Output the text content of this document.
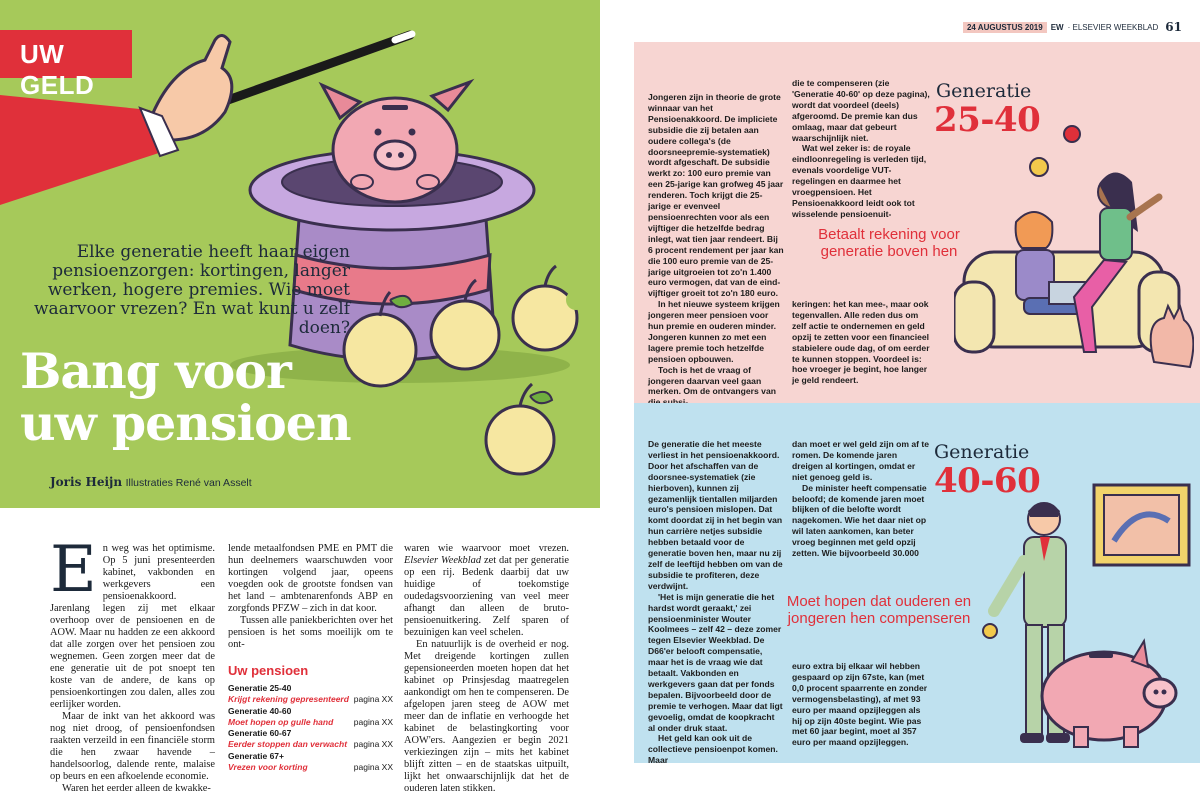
UW GELD
Elke generatie heeft haar eigen pensioenzorgen: kortingen, langer werken, hogere premies. Wie moet waarvoor vrezen? En wat kunt u zelf doen?
Bang voor
uw pensioen
Joris Heijn Illustraties René van Asselt
E n weg was het optimisme. Op 5 juni presenteerden kabinet, vakbonden en werkgevers een pensioenakkoord. Jarenlang legen zij met elkaar overhoop over de pensioenen en de AOW. Maar nu hadden ze een akkoord dat alle zorgen over het pensioen zou wegnemen. Geen zorgen meer dat de ene generatie uit de pot snoept ten koste van de andere, de kans op pensioenkortingen zou dalen, alles zou eerlijker worden.

Maar de inkt van het akkoord was nog niet droog, of pensioenfondsen raakten verzeild in een financiële storm die hen zwaar havende – handelsoorlog, dalende rente, malaise op beurs en een afkoelende economie.

Waren het eerder alleen de kwakke-

lende metaalfondsen PME en PMT die hun deelnemers waarschuwden voor kortingen volgend jaar, opeens voegden ook de grootste fondsen van het land – ambtenarenfonds ABP en zorgfonds PFZW – zich in dat koor.

Tussen alle paniekberichten over het pensioen is het soms moeilijk om te ont-

Uw pensioen
Generatie 25-40
Krijgt rekening gepresenteerd pagina XX
Generatie 40-60
Moet hopen op gulle hand pagina XX
Generatie 60-67
Eerder stoppen dan verwacht pagina XX
Generatie 67+
Vrezen voor korting	pagina XX

waren wie waarvoor moet vrezen. Elsevier Weekblad zet dat per generatie op een rij. Bedenk daarbij dat uw huidige of toekomstige oudedagsvoorziening van veel meer afhangt dan alleen de bruto-pensioenuitkering. Zelf sparen of bezuinigen kan veel schelen.

En natuurlijk is de overheid er nog. Met dreigende kortingen zullen gepensioneerden moeten hopen dat het kabinet op Prinsjesdag maatregelen aankondigt om hen te compenseren. De afgelopen jaren steeg de AOW met meer dan de inflatie en verhoogde het kabinet de belastingkorting voor AOW'ers. Aangezien er begin 2021 verkiezingen zijn – mits het kabinet blijft zitten – en de staatskas uitpuilt, lijkt het onwaarschijnlijk dat het de ouderen laten stikken.

24 AUGUSTUS 2019	EW · ELSEVIER WEEKBLAD 61

Jongeren zijn in theorie de grote winnaar van het Pensioenakkoord. De impliciete subsidie die zij betalen aan oudere collega's (de doorsneepremie-systematiek) wordt afgeschaft. De subsidie werkt zo: 100 euro premie van een 25-jarige kan grofweg 45 jaar renderen. Toch krijgt die 25-jarige er evenveel pensioenrechten voor als een vijftiger die hetzelfde bedrag inlegt, wat tien jaar rendeert. Bij 6 procent rendement per jaar kan die 100 euro premie van de 25-jarige uitgroeien tot zo'n 1.400 euro vermogen, dat van de eind-vijftiger groeit tot zo'n 180 euro.

In het nieuwe systeem krijgen jongeren meer pensioen voor hun premie en ouderen minder. Jongeren kunnen zo met een lagere premie toch hetzelfde pensioen opbouwen.

Toch is het de vraag of jongeren daarvan veel gaan merken. Om de ontvangers van

die te compenseren (zie 'Generatie 40-60' op deze pagina), wordt dat voordeel (deels) afgeroomd. De premie kan dus omlaag, maar dat gebeurt waarschijnlijk niet.

Wat wel zeker is: de royale eindloonregeling is verleden tijd, evenals voordelige VUT-regelingen en daarmee het vroegpensioen. Het Pensioenakkoord leidt ook tot wisselende pensioenuit-

keringen: het kan mee-, maar ook tegenvallen. Alle reden dus om zelf actie te ondernemen en geld opzij te zetten voor een financieel stabielere oude dag, of om eerder te kunnen stoppen. Voordeel is: hoe vroeger je begint, hoe langer je geld rendeert.

Generatie
25-40
Betaalt rekening voor generatie boven hen

De generatie die het meeste verliest in het pensioenakkoord. Door het afschaffen van de doorsnee-systematiek (zie hierboven), kunnen zij gezamenlijk tientallen miljarden euro's pensioen mislopen. Dat komt doordat zij in het begin van hun carrière netjes subsidie hebben betaald voor de generatie boven hen, maar nu zij zelf de leeftijd hebben om van de subsidie te profiteren, deze verdwijnt.

'Het is mijn generatie die het hardst wordt geraakt,' zei pensioenminister Wouter Koolmees – zelf 42 – deze zomer tegen Elsevier Weekblad. De D66'er belooft compensatie, maar het is de vraag wie dat betaalt. Vakbonden en werkgevers gaan dat per fonds bepalen. Bijvoorbeeld door de premie te verhogen. Maar dat ligt gevoelig, omdat de koopkracht al onder druk staat.

Het geld kan ook uit de collectieve pensioenpot komen. Maar

dan moet er wel geld zijn om af te romen. De komende jaren dreigen al kortingen, omdat er niet genoeg geld is.

De minister heeft compensatie beloofd; de komende jaren moet blijken of die belofte wordt nagekomen. Wie het daar niet op wil laten aankomen, kan beter vroeg beginnen met geld opzij zetten. Wie bijvoorbeeld 30.000

euro extra bij elkaar wil hebben gespaard op zijn 67ste, kan (met 0,0 procent spaarrente en zonder vermogensbelasting), af met 93 euro per maand opzijleggen als hij op zijn 40ste begint. Wie pas met 60 jaar begint, moet al 357 euro per maand opzijleggen.

Generatie
40-60
Moet hopen dat ouderen en jongeren hen compenseren
